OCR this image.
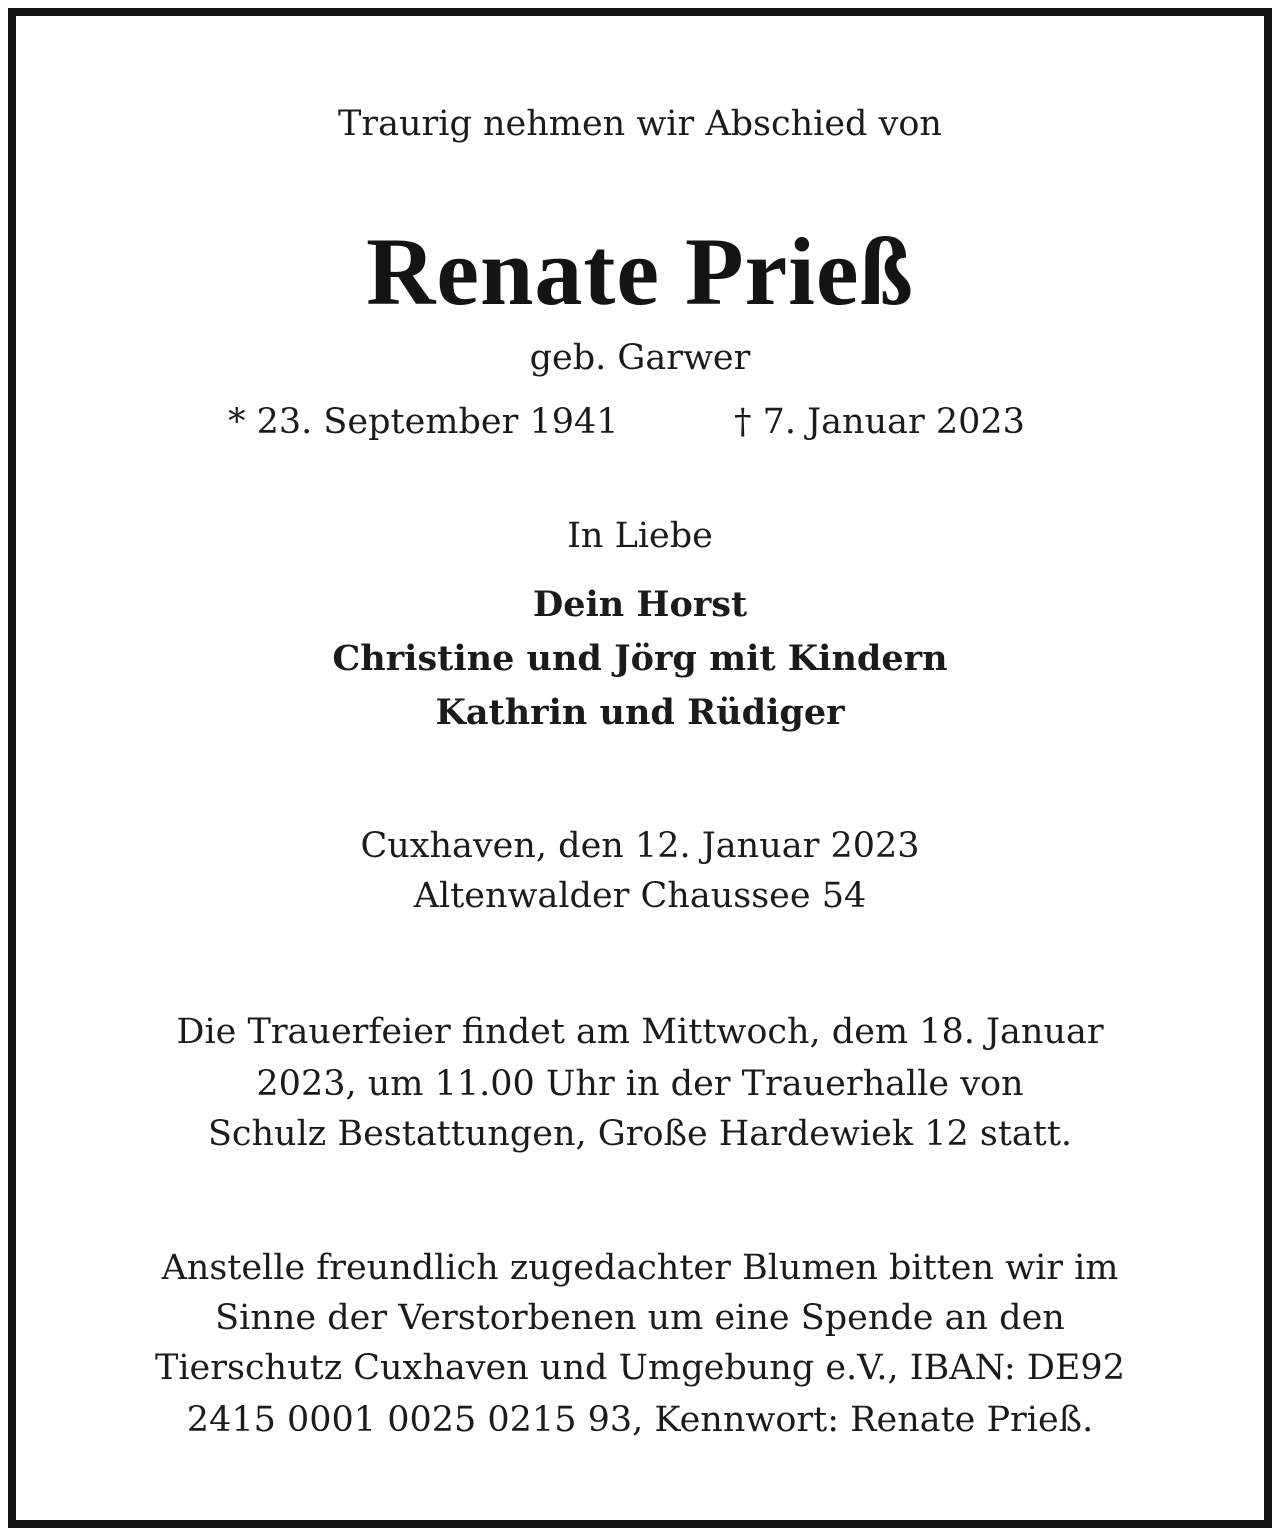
Traurig nehmen wir Abschied von
Renate Prieß
geb. Garwer
* 23. September 1941	† 7. Januar 2023
In Liebe
Dein Horst
Christine und Jörg mit Kindern
Kathrin und Rüdiger
Cuxhaven, den 12. Januar 2023
Altenwalder Chaussee 54
Die Trauerfeier findet am Mittwoch, dem 18. Januar
2023, um 11.00 Uhr in der Trauerhalle von
Schulz Bestattungen, Große Hardewiek 12 statt.
Anstelle freundlich zugedachter Blumen bitten wir im
Sinne der Verstorbenen um eine Spende an den
Tierschutz Cuxhaven und Umgebung e.V., IBAN: DE92
2415 0001 0025 0215 93, Kennwort: Renate Prieß.
